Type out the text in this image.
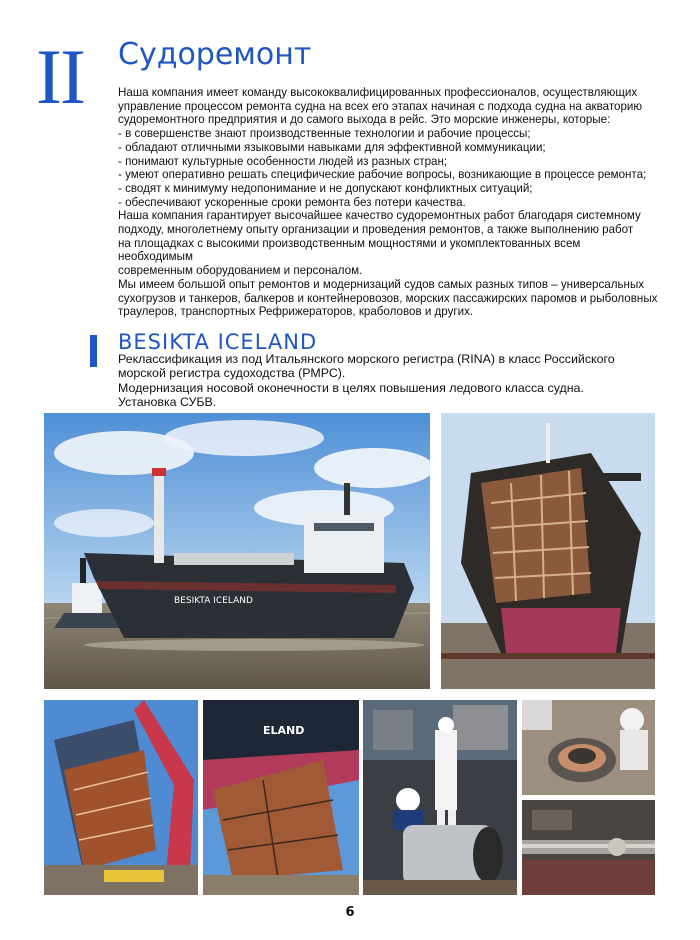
II Судоремонт

Наша компания имеет команду высококвалифицированных профессионалов, осуществляющих

управление процессом ремонта судна на всех его этапах начиная с подхода судна на акваторию

судоремонтного предприятия и до самого выхода в рейс. Это морские инженеры, которые:

- в совершенстве знают производственные технологии и рабочие процессы;

- обладают отличными языковыми навыками для эффективной коммуникации;

- понимают культурные особенности людей из разных стран;

- умеют оперативно решать специфические рабочие вопросы, возникающие в процессе ремонта;

- сводят к минимуму недопонимание и не допускают конфликтных ситуаций;

- обеспечивают ускоренные сроки ремонта без потери качества.

Наша компания гарантирует высочайшее качество судоремонтных работ благодаря системному

подходу, многолетнему опыту организации и проведения ремонтов, а также выполнению работ

на площадках с высокими производственным мощностями и укомплектованных всем необходимым

современным оборудованием и персоналом.

Мы имеем большой опыт ремонтов и модернизаций судов самых разных типов – универсальных

сухогрузов и танкеров, балкеров и контейнеровозов, морских пассажирских паромов и рыболовных

траулеров, транспортных Рефрижераторов, краболовов и других.

BESIKTA ICELAND

Реклассификация из под Итальянского морского регистра (RINA) в класс Российского

морской регистра судоходства (РМРС).

Модернизация носовой оконечности в целях повышения ледового класса судна.

Установка СУБВ.

BESIKTA ICELAND
ELAND
6
